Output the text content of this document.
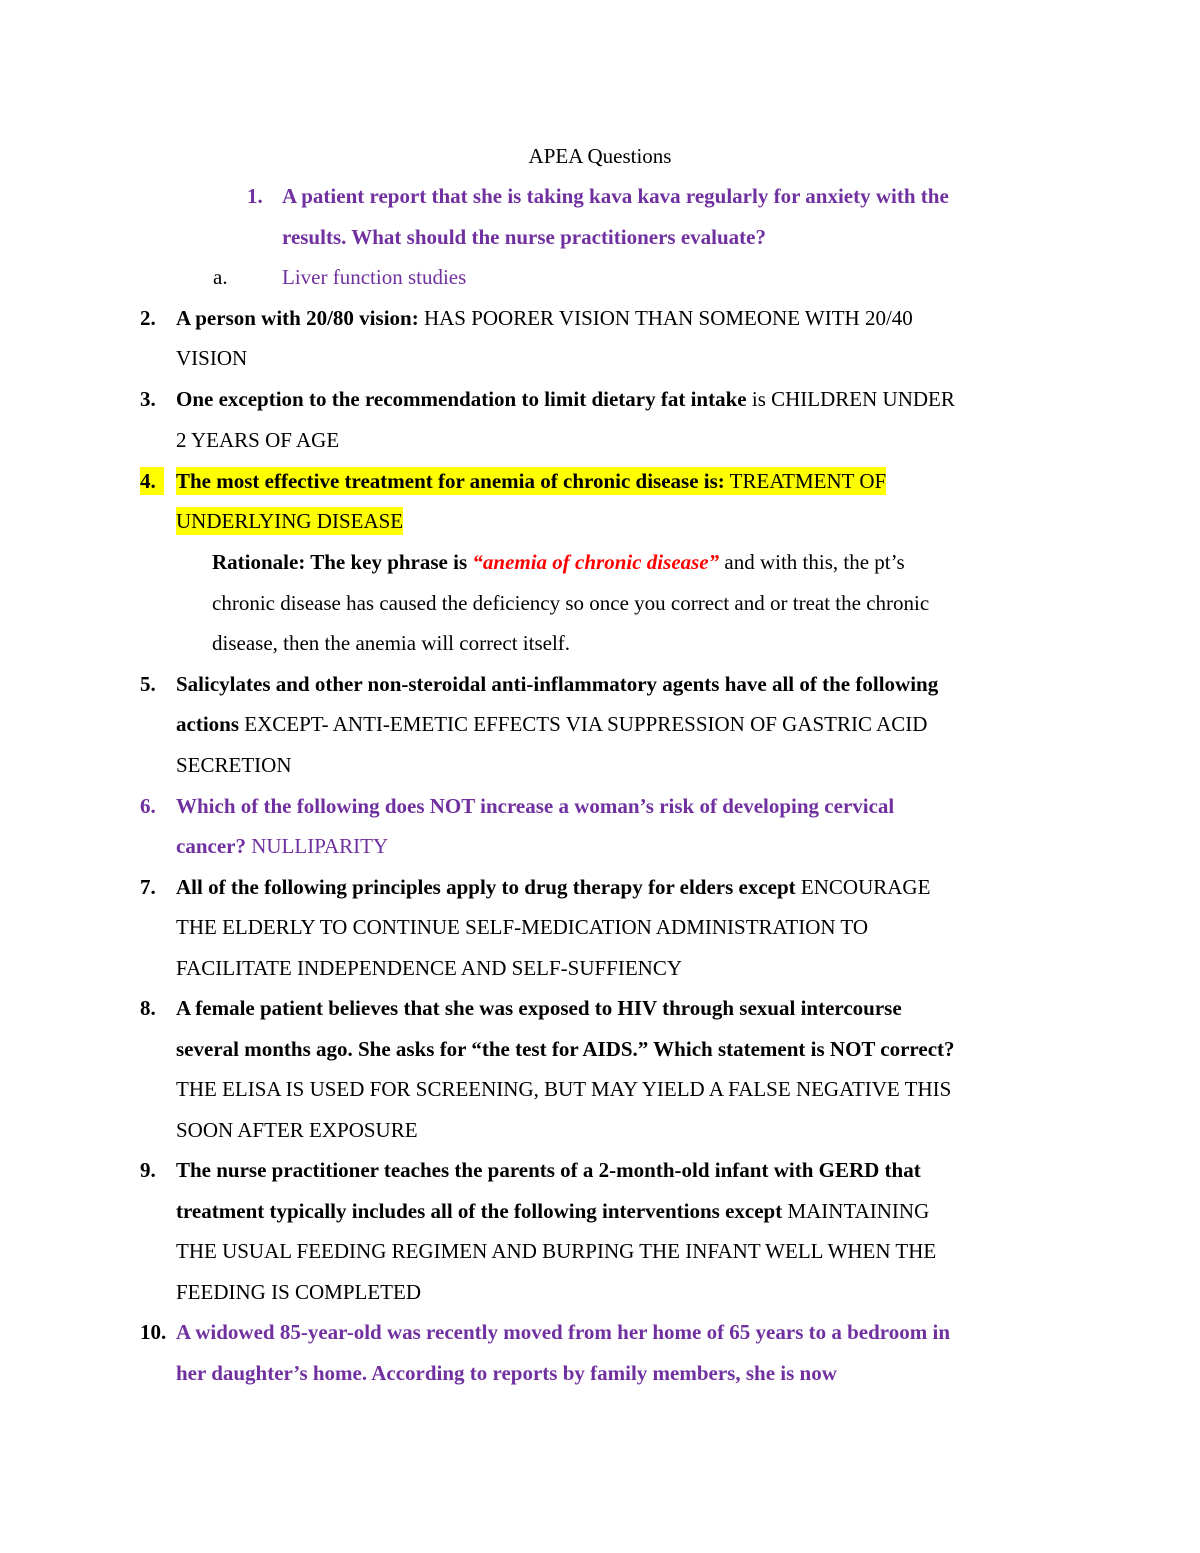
APEA Questions
1. A patient report that she is taking kava kava regularly for anxiety with the
results. What should the nurse practitioners evaluate?
a.	Liver function studies
2. A person with 20/80 vision: HAS POORER VISION THAN SOMEONE WITH 20/40
VISION
3. One exception to the recommendation to limit dietary fat intake is CHILDREN UNDER
2 YEARS OF AGE
4. The most effective treatment for anemia of chronic disease is: TREATMENT OF
UNDERLYING DISEASE
Rationale: The key phrase is “anemia of chronic disease” and with this, the pt’s
chronic disease has caused the deficiency so once you correct and or treat the chronic
disease, then the anemia will correct itself.
5. Salicylates and other non-steroidal anti-inflammatory agents have all of the following
actions EXCEPT- ANTI-EMETIC EFFECTS VIA SUPPRESSION OF GASTRIC ACID
SECRETION
6. Which of the following does NOT increase a woman’s risk of developing cervical
cancer? NULLIPARITY
7. All of the following principles apply to drug therapy for elders except ENCOURAGE
THE ELDERLY TO CONTINUE SELF-MEDICATION ADMINISTRATION TO
FACILITATE INDEPENDENCE AND SELF-SUFFIENCY
8. A female patient believes that she was exposed to HIV through sexual intercourse
several months ago. She asks for “the test for AIDS.” Which statement is NOT correct?
THE ELISA IS USED FOR SCREENING, BUT MAY YIELD A FALSE NEGATIVE THIS
SOON AFTER EXPOSURE
9. The nurse practitioner teaches the parents of a 2-month-old infant with GERD that
treatment typically includes all of the following interventions except MAINTAINING
THE USUAL FEEDING REGIMEN AND BURPING THE INFANT WELL WHEN THE
FEEDING IS COMPLETED
10. A widowed 85-year-old was recently moved from her home of 65 years to a bedroom in
her daughter’s home. According to reports by family members, she is now
